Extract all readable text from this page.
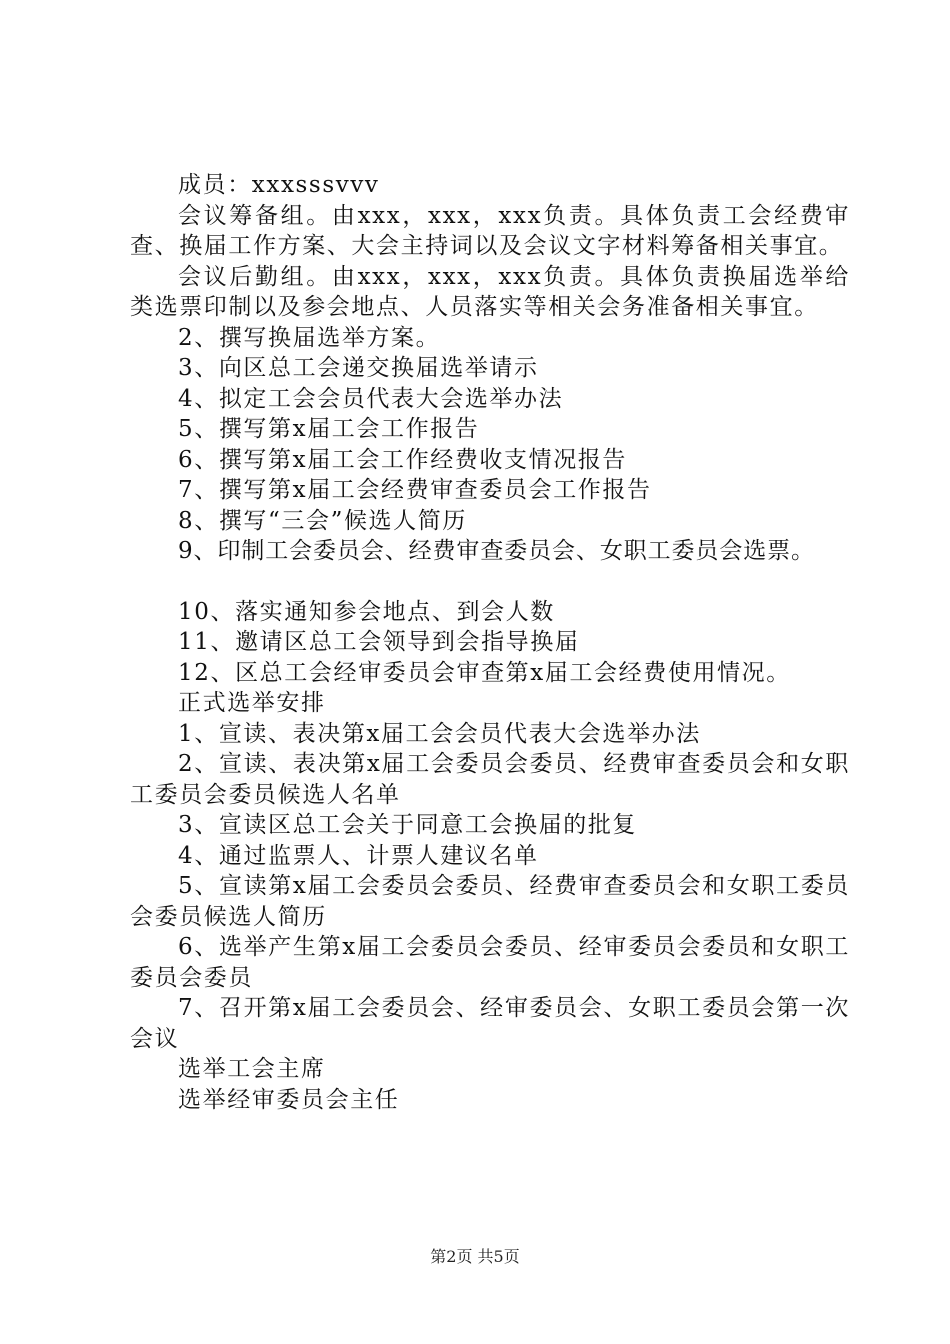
成员：xxxsssvvv

会议筹备组。由xxx，xxx，xxx负责。具体负责工会经费审查、换届工作方案、大会主持词以及会议文字材料筹备相关事宜。

会议后勤组。由xxx，xxx，xxx负责。具体负责换届选举给类选票印制以及参会地点、人员落实等相关会务准备相关事宜。

2、撰写换届选举方案。

3、向区总工会递交换届选举请示

4、拟定工会会员代表大会选举办法

5、撰写第x届工会工作报告

6、撰写第x届工会工作经费收支情况报告

7、撰写第x届工会经费审查委员会工作报告

8、撰写“三会”候选人简历

9、印制工会委员会、经费审查委员会、女职工委员会选票。

10、落实通知参会地点、到会人数

11、邀请区总工会领导到会指导换届

12、区总工会经审委员会审查第x届工会经费使用情况。

正式选举安排

1、宣读、表决第x届工会会员代表大会选举办法

2、宣读、表决第x届工会委员会委员、经费审查委员会和女职工委员会委员候选人名单

3、宣读区总工会关于同意工会换届的批复

4、通过监票人、计票人建议名单

5、宣读第x届工会委员会委员、经费审查委员会和女职工委员会委员候选人简历

6、选举产生第x届工会委员会委员、经审委员会委员和女职工委员会委员

7、召开第x届工会委员会、经审委员会、女职工委员会第一次会议

选举工会主席

选举经审委员会主任

第2页 共5页
